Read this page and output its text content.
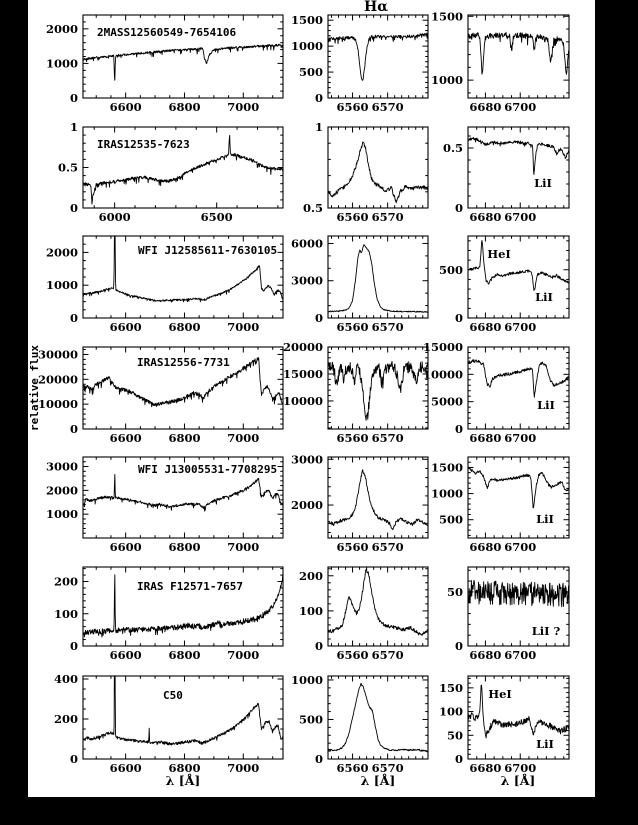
Hα
relative flux
λ [Å]	λ [Å]	λ [Å]
6600 6800 7000
0
1000
2000 2MASS12560549-7654106
6560 6570
0
500
1000
1500
6680 6700
1000
1500
6000	6500
0
0.5
1
IRAS12535-7623
6560 6570
0.5
1
6680 6700
0
0.5
LiI
6600 6800 7000
0
1000
2000	WFI J12585611-7630105
6560 6570
0
3000
6000
6680 6700
0
500
HeI
LiI
6600 6800 7000
0
10000
20000
30000
IRAS12556-7731
6560 6570
10000
15000
20000
6680 6700
0
5000
10000
15000
LiI
6600 6800 7000
1000
2000
3000	WFI J13005531-7708295
6560 6570
2000
3000
6680 6700
500
1000
1500
LiI
6600 6800 7000
0
100
200	IRAS F12571-7657
6560 6570
0
100
200
6680 6700
0
50
LiI ?
6600 6800 7000
0
200
400
C50
6560 6570
0
500
1000
6680 6700
0
50
100
150 HeI
LiI
